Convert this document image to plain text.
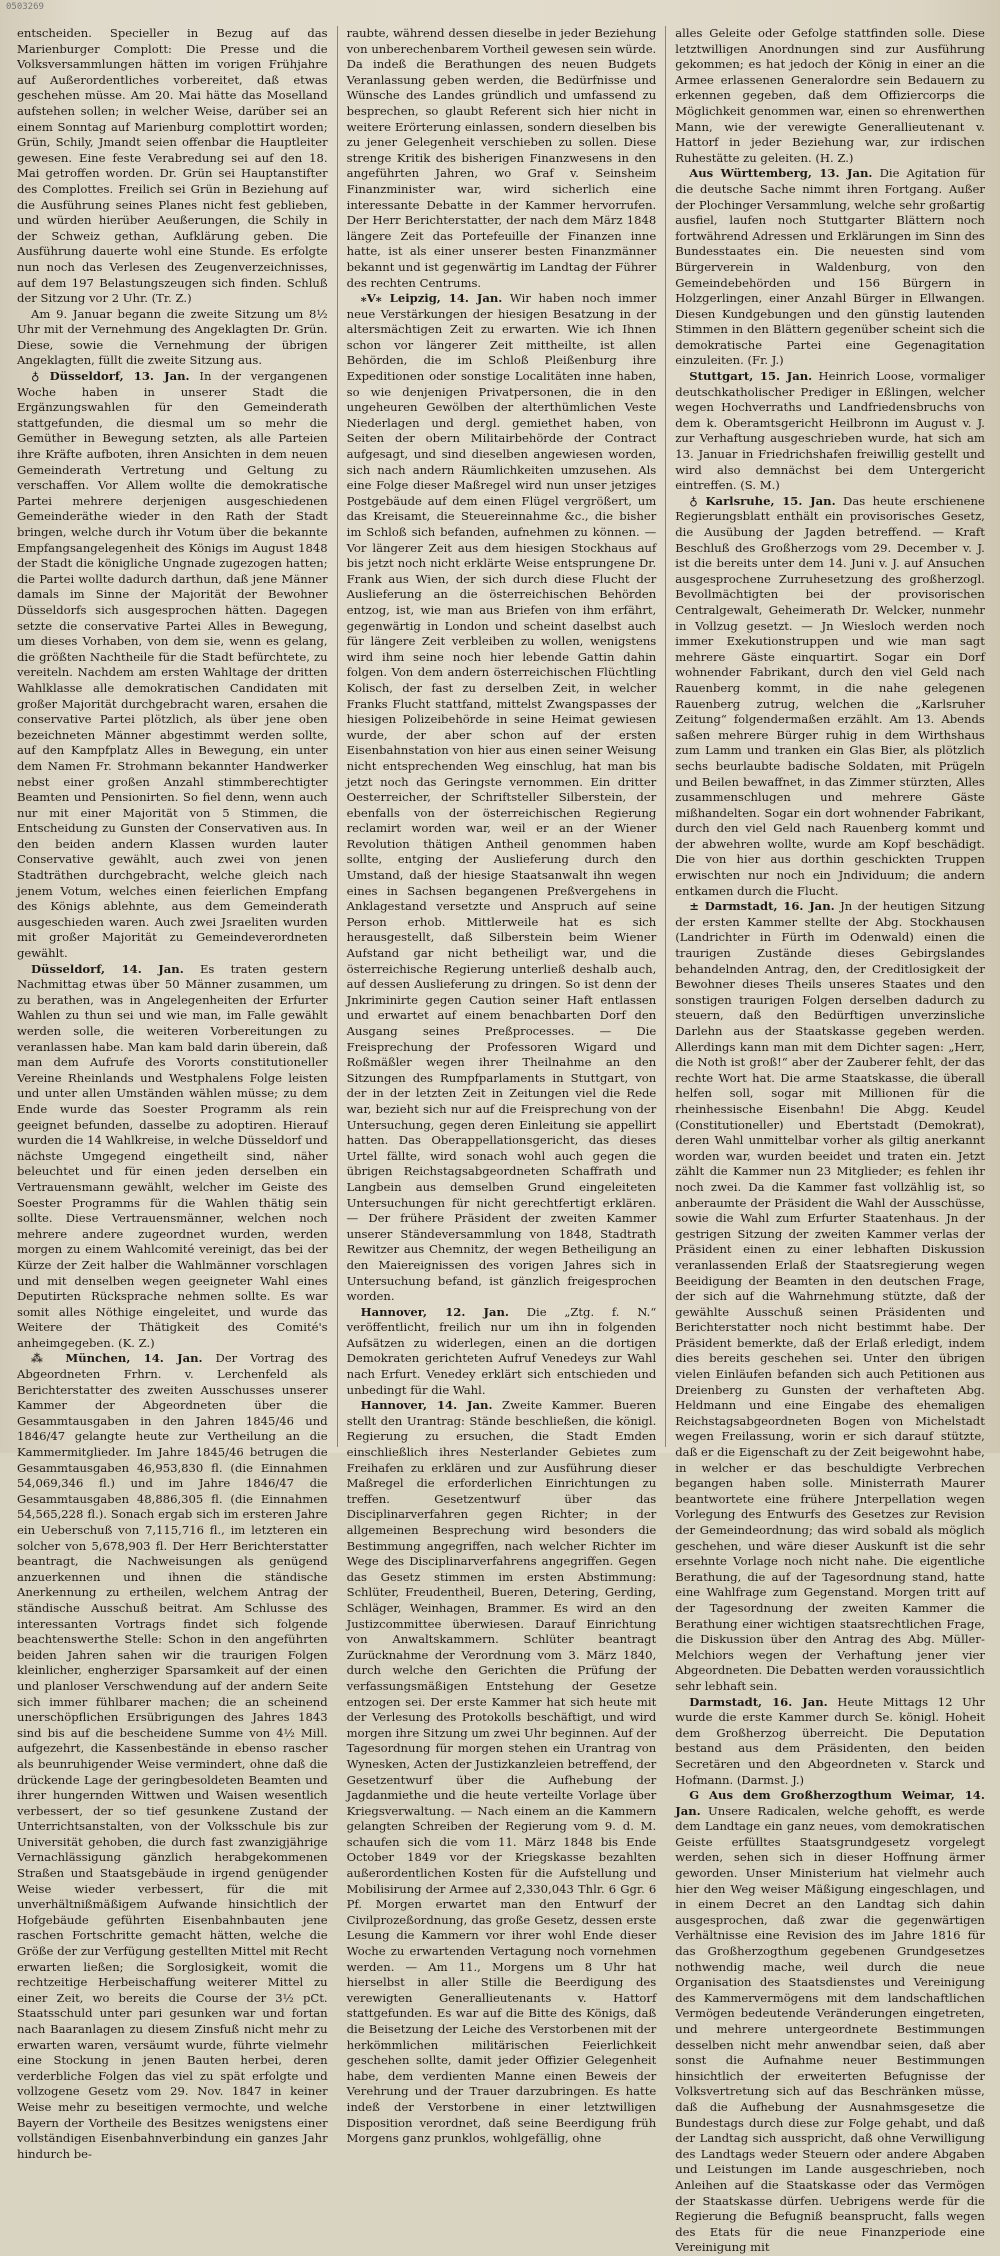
0503269

entscheiden. Specieller in Bezug auf das Marienburger Complott: Die Presse und die Volksversammlungen hätten im vorigen Frühjahre auf Außerordentliches vorbereitet, daß etwas geschehen müsse. Am 20. Mai hätte das Moselland aufstehen sollen; in welcher Weise, darüber sei an einem Sonntag auf Marienburg complottirt worden; Grün, Schily, Jmandt seien offenbar die Hauptleiter gewesen. Eine feste Verabredung sei auf den 18. Mai getroffen worden. Dr. Grün sei Hauptanstifter des Complottes. Freilich sei Grün in Beziehung auf die Ausführung seines Planes nicht fest geblieben, und würden hierüber Aeußerungen, die Schily in der Schweiz gethan, Aufklärung geben. Die Ausführung dauerte wohl eine Stunde. Es erfolgte nun noch das Verlesen des Zeugenverzeichnisses, auf dem 197 Belastungszeugen sich finden. Schluß der Sitzung vor 2 Uhr. (Tr. Z.)

Am 9. Januar begann die zweite Sitzung um 8½ Uhr mit der Vernehmung des Angeklagten Dr. Grün. Diese, sowie die Vernehmung der übrigen Angeklagten, füllt die zweite Sitzung aus.

♁ Düsseldorf, 13. Jan. In der vergangenen Woche haben in unserer Stadt die Ergänzungswahlen für den Gemeinderath stattgefunden, die diesmal um so mehr die Gemüther in Bewegung setzten, als alle Parteien ihre Kräfte aufboten, ihren Ansichten in dem neuen Gemeinderath Vertretung und Geltung zu verschaffen. Vor Allem wollte die demokratische Partei mehrere derjenigen ausgeschiedenen Gemeinderäthe wieder in den Rath der Stadt bringen, welche durch ihr Votum über die bekannte Empfangsangelegenheit des Königs im August 1848 der Stadt die königliche Ungnade zugezogen hatten; die Partei wollte dadurch darthun, daß jene Männer damals im Sinne der Majorität der Bewohner Düsseldorfs sich ausgesprochen hätten. Dagegen setzte die conservative Partei Alles in Bewegung, um dieses Vorhaben, von dem sie, wenn es gelang, die größten Nachtheile für die Stadt befürchtete, zu vereiteln. Nachdem am ersten Wahltage der dritten Wahlklasse alle demokratischen Candidaten mit großer Majorität durchgebracht waren, ersahen die conservative Partei plötzlich, als über jene oben bezeichneten Männer abgestimmt werden sollte, auf den Kampfplatz Alles in Bewegung, ein unter dem Namen Fr. Strohmann bekannter Handwerker nebst einer großen Anzahl stimmberechtigter Beamten und Pensionirten. So fiel denn, wenn auch nur mit einer Majorität von 5 Stimmen, die Entscheidung zu Gunsten der Conservativen aus. In den beiden andern Klassen wurden lauter Conservative gewählt, auch zwei von jenen Stadträthen durchgebracht, welche gleich nach jenem Votum, welches einen feierlichen Empfang des Königs ablehnte, aus dem Gemeinderath ausgeschieden waren. Auch zwei Jsraeliten wurden mit großer Majorität zu Gemeindeverordneten gewählt.

Düsseldorf, 14. Jan. Es traten gestern Nachmittag etwas über 50 Männer zusammen, um zu berathen, was in Angelegenheiten der Erfurter Wahlen zu thun sei und wie man, im Falle gewählt werden solle, die weiteren Vorbereitungen zu veranlassen habe. Man kam bald darin überein, daß man dem Aufrufe des Vororts constitutioneller Vereine Rheinlands und Westphalens Folge leisten und unter allen Umständen wählen müsse; zu dem Ende wurde das Soester Programm als rein geeignet befunden, dasselbe zu adoptiren. Hierauf wurden die 14 Wahlkreise, in welche Düsseldorf und nächste Umgegend eingetheilt sind, näher beleuchtet und für einen jeden derselben ein Vertrauensmann gewählt, welcher im Geiste des Soester Programms für die Wahlen thätig sein sollte. Diese Vertrauensmänner, welchen noch mehrere andere zugeordnet wurden, werden morgen zu einem Wahlcomité vereinigt, das bei der Kürze der Zeit halber die Wahlmänner vorschlagen und mit denselben wegen geeigneter Wahl eines Deputirten Rücksprache nehmen sollte. Es war somit alles Nöthige eingeleitet, und wurde das Weitere der Thätigkeit des Comité's anheimgegeben. (K. Z.)

⁂ München, 14. Jan. Der Vortrag des Abgeordneten Frhrn. v. Lerchenfeld als Berichterstatter des zweiten Ausschusses unserer Kammer der Abgeordneten über die Gesammtausgaben in den Jahren 1845/46 und 1846/47 gelangte heute zur Vertheilung an die Kammermitglieder. Im Jahre 1845/46 betrugen die Gesammtausgaben 46,953,830 fl. (die Einnahmen 54,069,346 fl.) und im Jahre 1846/47 die Gesammtausgaben 48,886,305 fl. (die Einnahmen 54,565,228 fl.). Sonach ergab sich im ersteren Jahre ein Ueberschuß von 7,115,716 fl., im letzteren ein solcher von 5,678,903 fl. Der Herr Berichterstatter beantragt, die Nachweisungen als genügend anzuerkennen und ihnen die ständische Anerkennung zu ertheilen, welchem Antrag der ständische Ausschuß beitrat. Am Schlusse des interessanten Vortrags findet sich folgende beachtenswerthe Stelle: Schon in den angeführten beiden Jahren sahen wir die traurigen Folgen kleinlicher, engherziger Sparsamkeit auf der einen und planloser Verschwendung auf der andern Seite sich immer fühlbarer machen; die an scheinend unerschöpflichen Ersübrigungen des Jahres 1843 sind bis auf die bescheidene Summe von 4½ Mill. aufgezehrt, die Kassenbestände in ebenso rascher als beunruhigender Weise vermindert, ohne daß die drückende Lage der geringbesoldeten Beamten und ihrer hungernden Wittwen und Waisen wesentlich verbessert, der so tief gesunkene Zustand der Unterrichtsanstalten, von der Volksschule bis zur Universität gehoben, die durch fast zwanzigjährige Vernachlässigung gänzlich herabgekommenen Straßen und Staatsgebäude in irgend genügender Weise wieder verbessert, für die mit unverhältnißmäßigem Aufwande hinsichtlich der Hofgebäude geführten Eisenbahnbauten jene raschen Fortschritte gemacht hätten, welche die Größe der zur Verfügung gestellten Mittel mit Recht erwarten ließen; die Sorglosigkeit, womit die rechtzeitige Herbeischaffung weiterer Mittel zu einer Zeit, wo bereits die Course der 3½ pCt. Staatsschuld unter pari gesunken war und fortan nach Baaranlagen zu diesem Zinsfuß nicht mehr zu erwarten waren, versäumt wurde, führte vielmehr eine Stockung in jenen Bauten herbei, deren verderbliche Folgen das viel zu spät erfolgte und vollzogene Gesetz vom 29. Nov. 1847 in keiner Weise mehr zu beseitigen vermochte, und welche Bayern der Vortheile des Besitzes wenigstens einer vollständigen Eisenbahnverbindung ein ganzes Jahr hindurch be-

raubte, während dessen dieselbe in jeder Beziehung von unberechenbarem Vortheil gewesen sein würde. Da indeß die Berathungen des neuen Budgets Veranlassung geben werden, die Bedürfnisse und Wünsche des Landes gründlich und umfassend zu besprechen, so glaubt Referent sich hier nicht in weitere Erörterung einlassen, sondern dieselben bis zu jener Gelegenheit verschieben zu sollen. Diese strenge Kritik des bisherigen Finanzwesens in den angeführten Jahren, wo Graf v. Seinsheim Finanzminister war, wird sicherlich eine interessante Debatte in der Kammer hervorrufen. Der Herr Berichterstatter, der nach dem März 1848 längere Zeit das Portefeuille der Finanzen inne hatte, ist als einer unserer besten Finanzmänner bekannt und ist gegenwärtig im Landtag der Führer des rechten Centrums.

⁎V⁎ Leipzig, 14. Jan. Wir haben noch immer neue Verstärkungen der hiesigen Besatzung in der altersmächtigen Zeit zu erwarten. Wie ich Ihnen schon vor längerer Zeit mittheilte, ist allen Behörden, die im Schloß Pleißenburg ihre Expeditionen oder sonstige Localitäten inne haben, so wie denjenigen Privatpersonen, die in den ungeheuren Gewölben der alterthümlichen Veste Niederlagen und dergl. gemiethet haben, von Seiten der obern Militairbehörde der Contract aufgesagt, und sind dieselben angewiesen worden, sich nach andern Räumlichkeiten umzusehen. Als eine Folge dieser Maßregel wird nun unser jetziges Postgebäude auf dem einen Flügel vergrößert, um das Kreisamt, die Steuereinnahme &c., die bisher im Schloß sich befanden, aufnehmen zu können. — Vor längerer Zeit aus dem hiesigen Stockhaus auf bis jetzt noch nicht erklärte Weise entsprungene Dr. Frank aus Wien, der sich durch diese Flucht der Auslieferung an die österreichischen Behörden entzog, ist, wie man aus Briefen von ihm erfährt, gegenwärtig in London und scheint daselbst auch für längere Zeit verbleiben zu wollen, wenigstens wird ihm seine noch hier lebende Gattin dahin folgen. Von dem andern österreichischen Flüchtling Kolisch, der fast zu derselben Zeit, in welcher Franks Flucht stattfand, mittelst Zwangspasses der hiesigen Polizeibehörde in seine Heimat gewiesen wurde, der aber schon auf der ersten Eisenbahnstation von hier aus einen seiner Weisung nicht entsprechenden Weg einschlug, hat man bis jetzt noch das Geringste vernommen. Ein dritter Oesterreicher, der Schriftsteller Silberstein, der ebenfalls von der österreichischen Regierung reclamirt worden war, weil er an der Wiener Revolution thätigen Antheil genommen haben sollte, entging der Auslieferung durch den Umstand, daß der hiesige Staatsanwalt ihn wegen eines in Sachsen begangenen Preßvergehens in Anklagestand versetzte und Anspruch auf seine Person erhob. Mittlerweile hat es sich herausgestellt, daß Silberstein beim Wiener Aufstand gar nicht betheiligt war, und die österreichische Regierung unterließ deshalb auch, auf dessen Auslieferung zu dringen. So ist denn der Jnkriminirte gegen Caution seiner Haft entlassen und erwartet auf einem benachbarten Dorf den Ausgang seines Preßprocesses. — Die Freisprechung der Professoren Wigard und Roßmäßler wegen ihrer Theilnahme an den Sitzungen des Rumpfparlaments in Stuttgart, von der in der letzten Zeit in Zeitungen viel die Rede war, bezieht sich nur auf die Freisprechung von der Untersuchung, gegen deren Einleitung sie appellirt hatten. Das Oberappellationsgericht, das dieses Urtel fällte, wird sonach wohl auch gegen die übrigen Reichstagsabgeordneten Schaffrath und Langbein aus demselben Grund eingeleiteten Untersuchungen für nicht gerechtfertigt erklären. — Der frühere Präsident der zweiten Kammer unserer Ständeversammlung von 1848, Stadtrath Rewitzer aus Chemnitz, der wegen Betheiligung an den Maiereignissen des vorigen Jahres sich in Untersuchung befand, ist gänzlich freigesprochen worden.

Hannover, 12. Jan. Die „Ztg. f. N.“ veröffentlicht, freilich nur um ihn in folgenden Aufsätzen zu widerlegen, einen an die dortigen Demokraten gerichteten Aufruf Venedeys zur Wahl nach Erfurt. Venedey erklärt sich entschieden und unbedingt für die Wahl.

Hannover, 14. Jan. Zweite Kammer. Bueren stellt den Urantrag: Stände beschließen, die königl. Regierung zu ersuchen, die Stadt Emden einschließlich ihres Nesterlander Gebietes zum Freihafen zu erklären und zur Ausführung dieser Maßregel die erforderlichen Einrichtungen zu treffen. Gesetzentwurf über das Disciplinarverfahren gegen Richter; in der allgemeinen Besprechung wird besonders die Bestimmung angegriffen, nach welcher Richter im Wege des Disciplinarverfahrens angegriffen. Gegen das Gesetz stimmen im ersten Abstimmung: Schlüter, Freudentheil, Bueren, Detering, Gerding, Schläger, Weinhagen, Brammer. Es wird an den Justizcommittee überwiesen. Darauf Einrichtung von Anwaltskammern. Schlüter beantragt Zurücknahme der Verordnung vom 3. März 1840, durch welche den Gerichten die Prüfung der verfassungsmäßigen Entstehung der Gesetze entzogen sei. Der erste Kammer hat sich heute mit der Verlesung des Protokolls beschäftigt, und wird morgen ihre Sitzung um zwei Uhr beginnen. Auf der Tagesordnung für morgen stehen ein Urantrag von Wynesken, Acten der Justizkanzleien betreffend, der Gesetzentwurf über die Aufhebung der Jagdanmiethe und die heute verteilte Vorlage über Kriegsverwaltung. — Nach einem an die Kammern gelangten Schreiben der Regierung vom 9. d. M. schaufen sich die vom 11. März 1848 bis Ende October 1849 vor der Kriegskasse bezahlten außerordentlichen Kosten für die Aufstellung und Mobilisirung der Armee auf 2,330,043 Thlr. 6 Ggr. 6 Pf. Morgen erwartet man den Entwurf der Civilprozeßordnung, das große Gesetz, dessen erste Lesung die Kammern vor ihrer wohl Ende dieser Woche zu erwartenden Vertagung noch vornehmen werden. — Am 11., Morgens um 8 Uhr hat hierselbst in aller Stille die Beerdigung des verewigten Generallieutenants v. Hattorf stattgefunden. Es war auf die Bitte des Königs, daß die Beisetzung der Leiche des Verstorbenen mit der herkömmlichen militärischen Feierlichkeit geschehen sollte, damit jeder Offizier Gelegenheit habe, dem verdienten Manne einen Beweis der Verehrung und der Trauer darzubringen. Es hatte indeß der Verstorbene in einer letztwilligen Disposition verordnet, daß seine Beerdigung früh Morgens ganz prunklos, wohlgefällig, ohne

alles Geleite oder Gefolge stattfinden solle. Diese letztwilligen Anordnungen sind zur Ausführung gekommen; es hat jedoch der König in einer an die Armee erlassenen Generalordre sein Bedauern zu erkennen gegeben, daß dem Offiziercorps die Möglichkeit genommen war, einen so ehrenwerthen Mann, wie der verewigte Generallieutenant v. Hattorf in jeder Beziehung war, zur irdischen Ruhestätte zu geleiten. (H. Z.)

Aus Württemberg, 13. Jan. Die Agitation für die deutsche Sache nimmt ihren Fortgang. Außer der Plochinger Versammlung, welche sehr großartig ausfiel, laufen noch Stuttgarter Blättern noch fortwährend Adressen und Erklärungen im Sinn des Bundesstaates ein. Die neuesten sind vom Bürgerverein in Waldenburg, von den Gemeindebehörden und 156 Bürgern in Holzgerlingen, einer Anzahl Bürger in Ellwangen. Diesen Kundgebungen und den günstig lautenden Stimmen in den Blättern gegenüber scheint sich die demokratische Partei eine Gegenagitation einzuleiten. (Fr. J.)

Stuttgart, 15. Jan. Heinrich Loose, vormaliger deutschkatholischer Prediger in Eßlingen, welcher wegen Hochverraths und Landfriedensbruchs von dem k. Oberamtsgericht Heilbronn im August v. J. zur Verhaftung ausgeschrieben wurde, hat sich am 13. Januar in Friedrichshafen freiwillig gestellt und wird also demnächst bei dem Untergericht eintreffen. (S. M.)

♁ Karlsruhe, 15. Jan. Das heute erschienene Regierungsblatt enthält ein provisorisches Gesetz, die Ausübung der Jagden betreffend. — Kraft Beschluß des Großherzogs vom 29. December v. J. ist die bereits unter dem 14. Juni v. J. auf Ansuchen ausgesprochene Zurruhesetzung des großherzogl. Bevollmächtigten bei der provisorischen Centralgewalt, Geheimerath Dr. Welcker, nunmehr in Vollzug gesetzt. — Jn Wiesloch werden noch immer Exekutionstruppen und wie man sagt mehrere Gäste einquartirt. Sogar ein Dorf wohnender Fabrikant, durch den viel Geld nach Rauenberg kommt, in die nahe gelegenen Rauenberg zutrug, welchen die „Karlsruher Zeitung“ folgendermaßen erzählt. Am 13. Abends saßen mehrere Bürger ruhig in dem Wirthshaus zum Lamm und tranken ein Glas Bier, als plötzlich sechs beurlaubte badische Soldaten, mit Prügeln und Beilen bewaffnet, in das Zimmer stürzten, Alles zusammenschlugen und mehrere Gäste mißhandelten. Sogar ein dort wohnender Fabrikant, durch den viel Geld nach Rauenberg kommt und der abwehren wollte, wurde am Kopf beschädigt. Die von hier aus dorthin geschickten Truppen erwischten nur noch ein Jndividuum; die andern entkamen durch die Flucht.

± Darmstadt, 16. Jan. Jn der heutigen Sitzung der ersten Kammer stellte der Abg. Stockhausen (Landrichter in Fürth im Odenwald) einen die traurigen Zustände dieses Gebirgslandes behandelnden Antrag, den, der Creditlosigkeit der Bewohner dieses Theils unseres Staates und den sonstigen traurigen Folgen derselben dadurch zu steuern, daß den Bedürftigen unverzinsliche Darlehn aus der Staatskasse gegeben werden. Allerdings kann man mit dem Dichter sagen: „Herr, die Noth ist groß!“ aber der Zauberer fehlt, der das rechte Wort hat. Die arme Staatskasse, die überall helfen soll, sogar mit Millionen für die rheinhessische Eisenbahn! Die Abgg. Keudel (Constitutioneller) und Ebertstadt (Demokrat), deren Wahl unmittelbar vorher als giltig anerkannt worden war, wurden beeidet und traten ein. Jetzt zählt die Kammer nun 23 Mitglieder; es fehlen ihr noch zwei. Da die Kammer fast vollzählig ist, so anberaumte der Präsident die Wahl der Ausschüsse, sowie die Wahl zum Erfurter Staatenhaus. Jn der gestrigen Sitzung der zweiten Kammer verlas der Präsident einen zu einer lebhaften Diskussion veranlassenden Erlaß der Staatsregierung wegen Beeidigung der Beamten in den deutschen Frage, der sich auf die Wahrnehmung stützte, daß der gewählte Ausschuß seinen Präsidenten und Berichterstatter noch nicht bestimmt habe. Der Präsident bemerkte, daß der Erlaß erledigt, indem dies bereits geschehen sei. Unter den übrigen vielen Einläufen befanden sich auch Petitionen aus Dreienberg zu Gunsten der verhafteten Abg. Heldmann und eine Eingabe des ehemaligen Reichstagsabgeordneten Bogen von Michelstadt wegen Freilassung, worin er sich darauf stützte, daß er die Eigenschaft zu der Zeit beigewohnt habe, in welcher er das beschuldigte Verbrechen begangen haben solle. Ministerrath Maurer beantwortete eine frühere Jnterpellation wegen Vorlegung des Entwurfs des Gesetzes zur Revision der Gemeindeordnung; das wird sobald als möglich geschehen, und wäre dieser Auskunft ist die sehr ersehnte Vorlage noch nicht nahe. Die eigentliche Berathung, die auf der Tagesordnung stand, hatte eine Wahlfrage zum Gegenstand. Morgen tritt auf der Tagesordnung der zweiten Kammer die Berathung einer wichtigen staatsrechtlichen Frage, die Diskussion über den Antrag des Abg. Müller-Melchiors wegen der Verhaftung jener vier Abgeordneten. Die Debatten werden voraussichtlich sehr lebhaft sein.

Darmstadt, 16. Jan. Heute Mittags 12 Uhr wurde die erste Kammer durch Se. königl. Hoheit dem Großherzog überreicht. Die Deputation bestand aus dem Präsidenten, den beiden Secretären und den Abgeordneten v. Starck und Hofmann. (Darmst. J.)

G Aus dem Großherzogthum Weimar, 14. Jan. Unsere Radicalen, welche gehofft, es werde dem Landtage ein ganz neues, vom demokratischen Geiste erfülltes Staatsgrundgesetz vorgelegt werden, sehen sich in dieser Hoffnung ärmer geworden. Unser Ministerium hat vielmehr auch hier den Weg weiser Mäßigung eingeschlagen, und in einem Decret an den Landtag sich dahin ausgesprochen, daß zwar die gegenwärtigen Verhältnisse eine Revision des im Jahre 1816 für das Großherzogthum gegebenen Grundgesetzes nothwendig mache, weil durch die neue Organisation des Staatsdienstes und Vereinigung des Kammervermögens mit dem landschaftlichen Vermögen bedeutende Veränderungen eingetreten, und mehrere untergeordnete Bestimmungen desselben nicht mehr anwendbar seien, daß aber sonst die Aufnahme neuer Bestimmungen hinsichtlich der erweiterten Befugnisse der Volksvertretung sich auf das Beschränken müsse, daß die Aufhebung der Ausnahmsgesetze die Bundestags durch diese zur Folge gehabt, und daß der Landtag sich ausspricht, daß ohne Verwilligung des Landtags weder Steuern oder andere Abgaben und Leistungen im Lande ausgeschrieben, noch Anleihen auf die Staatskasse oder das Vermögen der Staatskasse dürfen. Uebrigens werde für die Regierung die Befugniß beansprucht, falls wegen des Etats für die neue Finanzperiode eine Vereinigung mit
